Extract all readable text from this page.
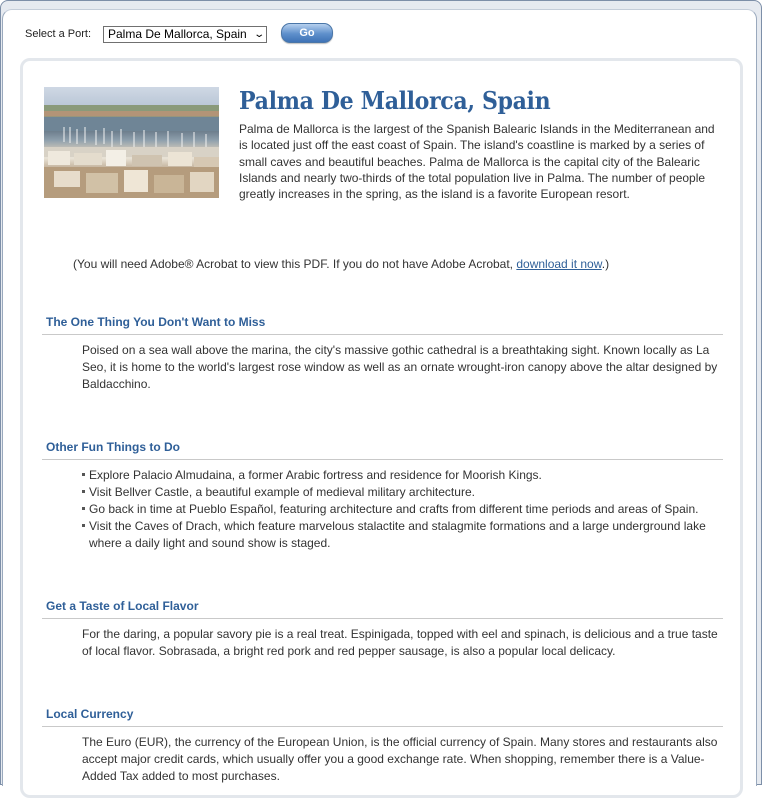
Select a Port:	Palma De Mallorca, Spain ⌄	Go
Palma De Mallorca, Spain
Palma de Mallorca is the largest of the Spanish Balearic Islands in the Mediterranean and is located just off the east coast of Spain. The island's coastline is marked by a series of small caves and beautiful beaches. Palma de Mallorca is the capital city of the Balearic Islands and nearly two-thirds of the total population live in Palma. The number of people greatly increases in the spring, as the island is a favorite European resort.
(You will need Adobe® Acrobat to view this PDF. If you do not have Adobe Acrobat, download it now.)
The One Thing You Don't Want to Miss
Poised on a sea wall above the marina, the city's massive gothic cathedral is a breathtaking sight. Known locally as La Seo, it is home to the world's largest rose window as well as an ornate wrought-iron canopy above the altar designed by Baldacchino.
Other Fun Things to Do
Explore Palacio Almudaina, a former Arabic fortress and residence for Moorish Kings.
Visit Bellver Castle, a beautiful example of medieval military architecture.
Go back in time at Pueblo Español, featuring architecture and crafts from different time periods and areas of Spain.
Visit the Caves of Drach, which feature marvelous stalactite and stalagmite formations and a large underground lake where a daily light and sound show is staged.
Get a Taste of Local Flavor
For the daring, a popular savory pie is a real treat. Espinigada, topped with eel and spinach, is delicious and a true taste of local flavor. Sobrasada, a bright red pork and red pepper sausage, is also a popular local delicacy.
Local Currency
The Euro (EUR), the currency of the European Union, is the official currency of Spain. Many stores and restaurants also accept major credit cards, which usually offer you a good exchange rate. When shopping, remember there is a Value-Added Tax added to most purchases.
